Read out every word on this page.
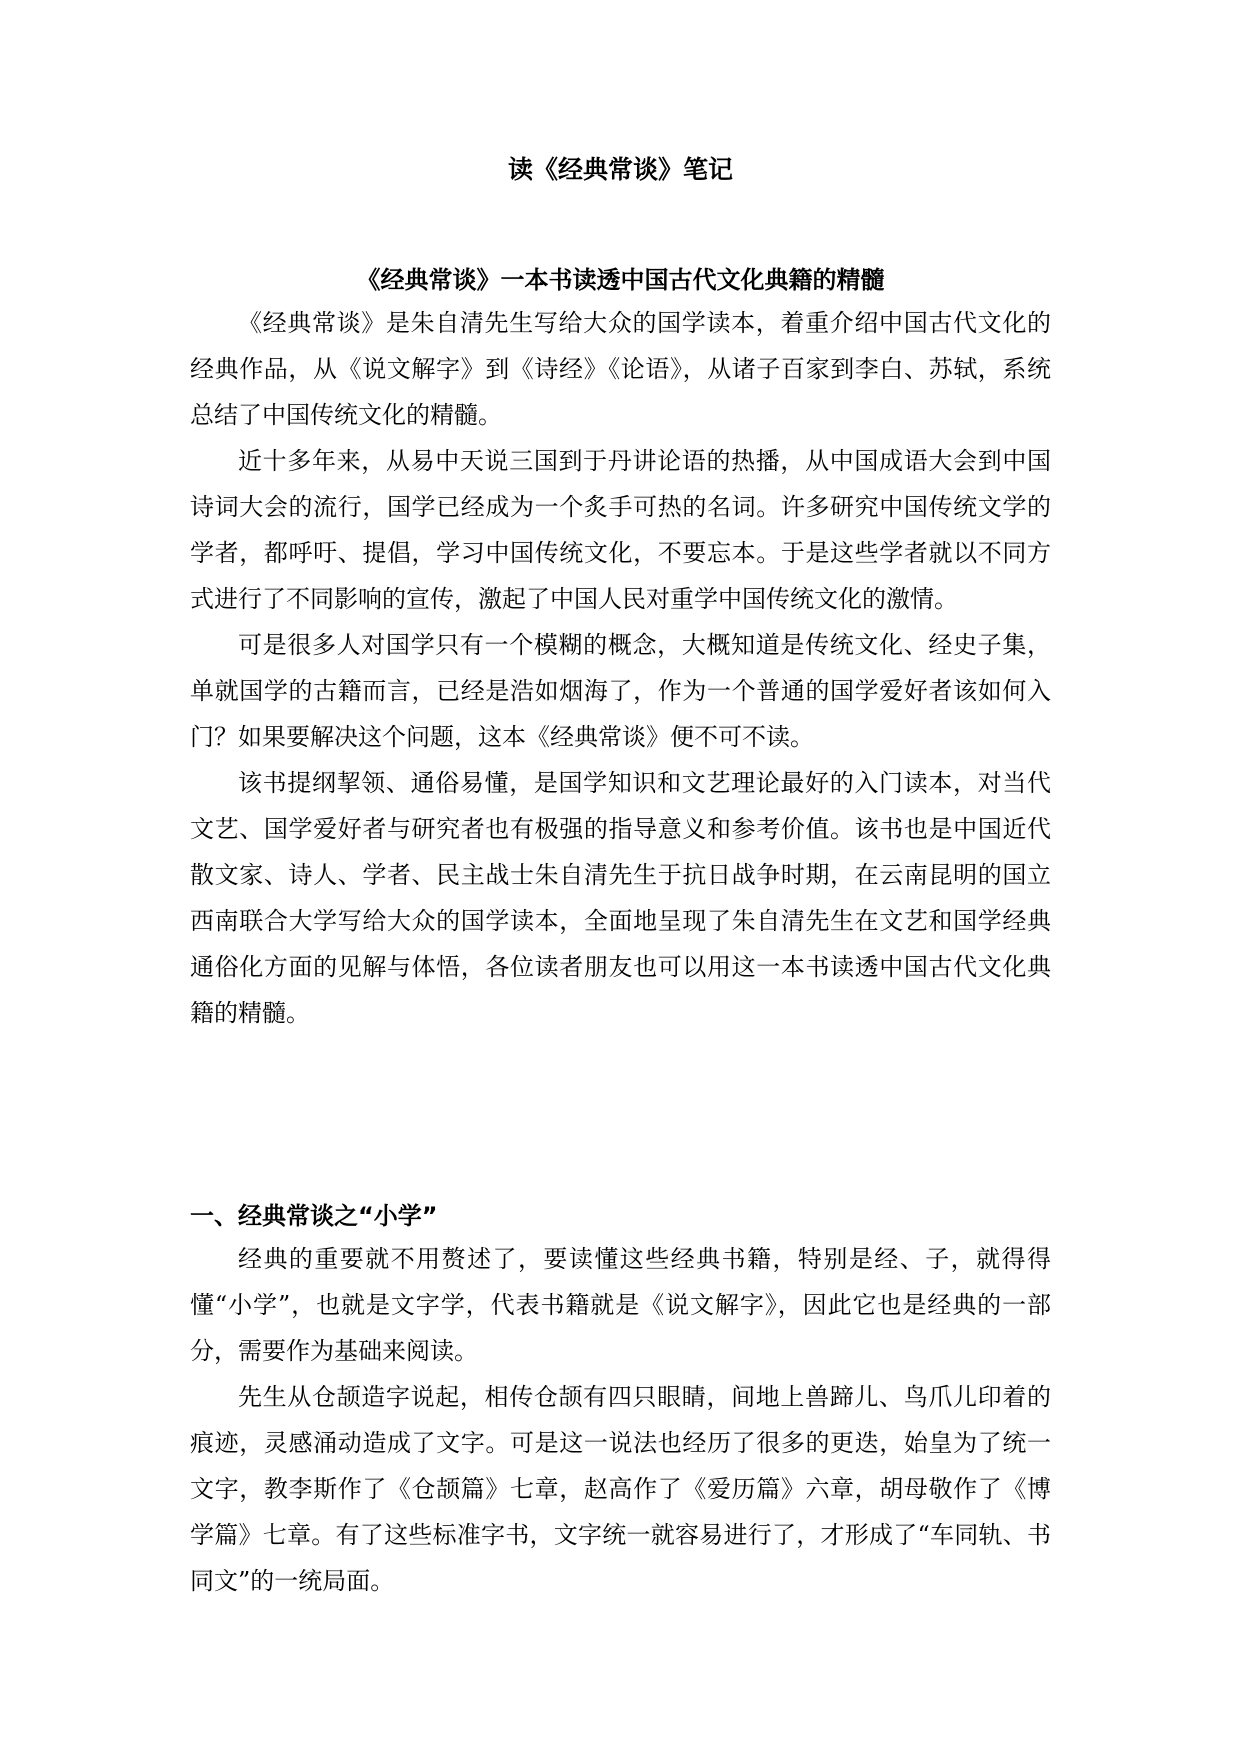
读《经典常谈》笔记
《经典常谈》一本书读透中国古代文化典籍的精髓

《经典常谈》是朱自清先生写给大众的国学读本，着重介绍中国古代文化的经典作品，从《说文解字》到《诗经》《论语》，从诸子百家到李白、苏轼，系统总结了中国传统文化的精髓。

近十多年来，从易中天说三国到于丹讲论语的热播，从中国成语大会到中国诗词大会的流行，国学已经成为一个炙手可热的名词。许多研究中国传统文学的学者，都呼吁、提倡，学习中国传统文化，不要忘本。于是这些学者就以不同方式进行了不同影响的宣传，激起了中国人民对重学中国传统文化的激情。

可是很多人对国学只有一个模糊的概念，大概知道是传统文化、经史子集，单就国学的古籍而言，已经是浩如烟海了，作为一个普通的国学爱好者该如何入门？如果要解决这个问题，这本《经典常谈》便不可不读。

该书提纲挈领、通俗易懂，是国学知识和文艺理论最好的入门读本，对当代文艺、国学爱好者与研究者也有极强的指导意义和参考价值。该书也是中国近代散文家、诗人、学者、民主战士朱自清先生于抗日战争时期，在云南昆明的国立西南联合大学写给大众的国学读本，全面地呈现了朱自清先生在文艺和国学经典通俗化方面的见解与体悟，各位读者朋友也可以用这一本书读透中国古代文化典籍的精髓。

一、经典常谈之“小学”

经典的重要就不用赘述了，要读懂这些经典书籍，特别是经、子，就得得懂“小学”，也就是文字学，代表书籍就是《说文解字》，因此它也是经典的一部分，需要作为基础来阅读。

先生从仓颉造字说起，相传仓颉有四只眼睛，间地上兽蹄儿、鸟爪儿印着的痕迹，灵感涌动造成了文字。可是这一说法也经历了很多的更迭，始皇为了统一文字，教李斯作了《仓颉篇》七章，赵高作了《爱历篇》六章，胡母敬作了《博学篇》七章。有了这些标准字书，文字统一就容易进行了，才形成了“车同轨、书同文”的一统局面。
